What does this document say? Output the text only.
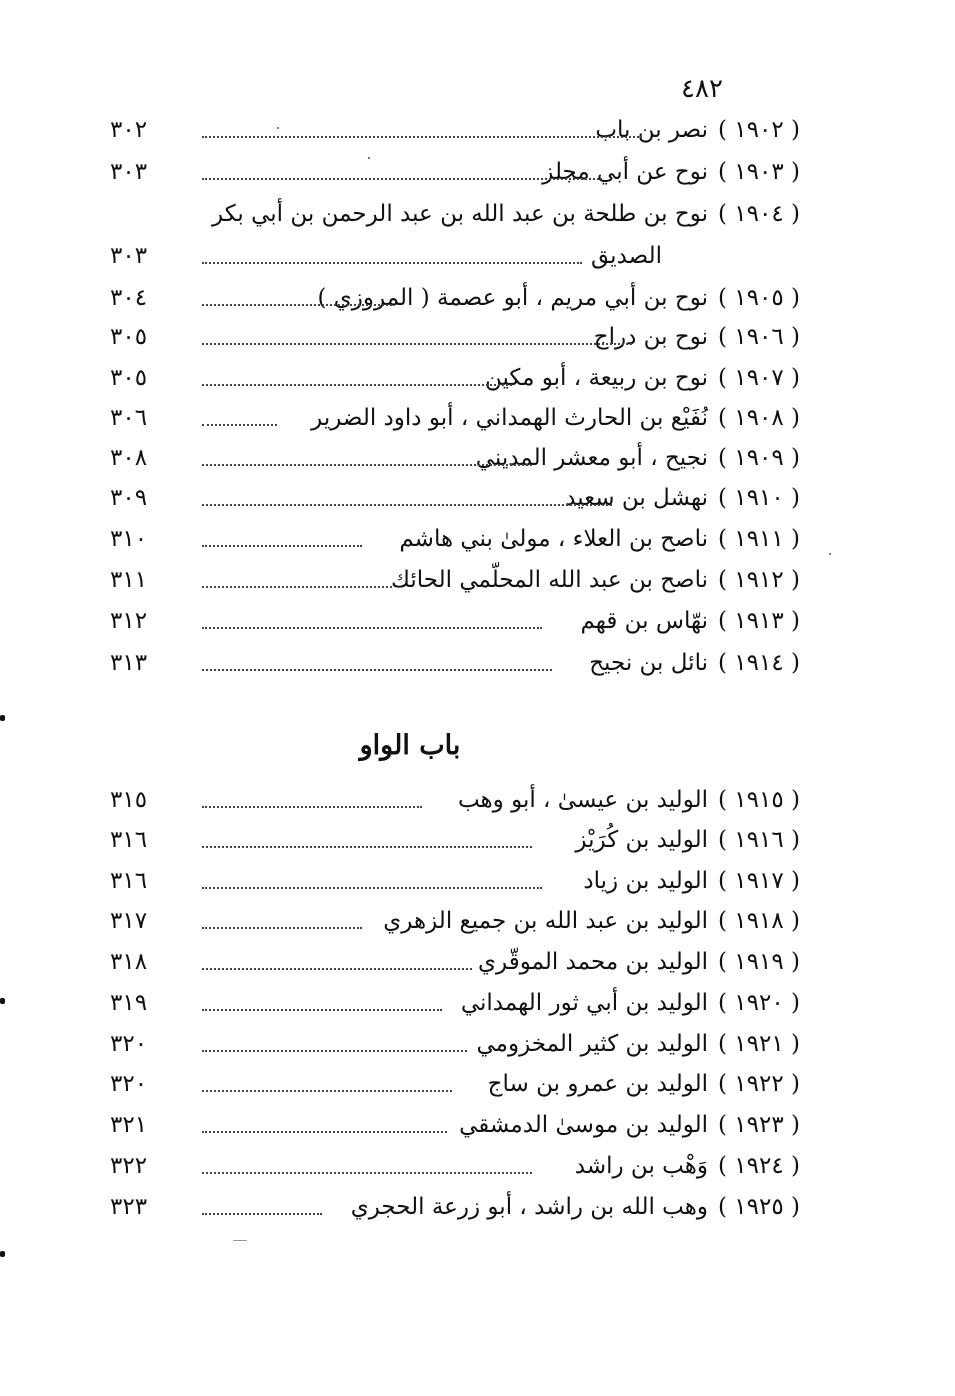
٤٨٢
( ١٩٠٢ )
نصر بن باب
٣٠٢
( ١٩٠٣ )
نوح عن أبي مجلز
٣٠٣
( ١٩٠٤ )
نوح بن طلحة بن عبد الله بن عبد الرحمن بن أبي بكر
الصديق
٣٠٣
( ١٩٠٥ )
نوح بن أبي مريم ، أبو عصمة ( المروزي )
٣٠٤
( ١٩٠٦ )
نوح بن دراج
٣٠٥
( ١٩٠٧ )
نوح بن ربيعة ، أبو مكين
٣٠٥
( ١٩٠٨ )
نُفَيْع بن الحارث الهمداني ، أبو داود الضرير
٣٠٦
( ١٩٠٩ )
نجيح ، أبو معشر المديني
٣٠٨
( ١٩١٠ )
نهشل بن سعيد
٣٠٩
( ١٩١١ )
ناصح بن العلاء ، مولىٰ بني هاشم
٣١٠
( ١٩١٢ )
ناصح بن عبد الله المحلّمي الحائك
٣١١
( ١٩١٣ )
نهّاس بن قهم
٣١٢
( ١٩١٤ )
نائل بن نجيح
٣١٣
باب الواو
( ١٩١٥ )
الوليد بن عيسىٰ ، أبو وهب
٣١٥
( ١٩١٦ )
الوليد بن كُرَيْز
٣١٦
( ١٩١٧ )
الوليد بن زياد
٣١٦
( ١٩١٨ )
الوليد بن عبد الله بن جميع الزهري
٣١٧
( ١٩١٩ )
الوليد بن محمد الموقّري
٣١٨
( ١٩٢٠ )
الوليد بن أبي ثور الهمداني
٣١٩
( ١٩٢١ )
الوليد بن كثير المخزومي
٣٢٠
( ١٩٢٢ )
الوليد بن عمرو بن ساج
٣٢٠
( ١٩٢٣ )
الوليد بن موسىٰ الدمشقي
٣٢١
( ١٩٢٤ )
وَهْب بن راشد
٣٢٢
( ١٩٢٥ )
وهب الله بن راشد ، أبو زرعة الحجري
٣٢٣
